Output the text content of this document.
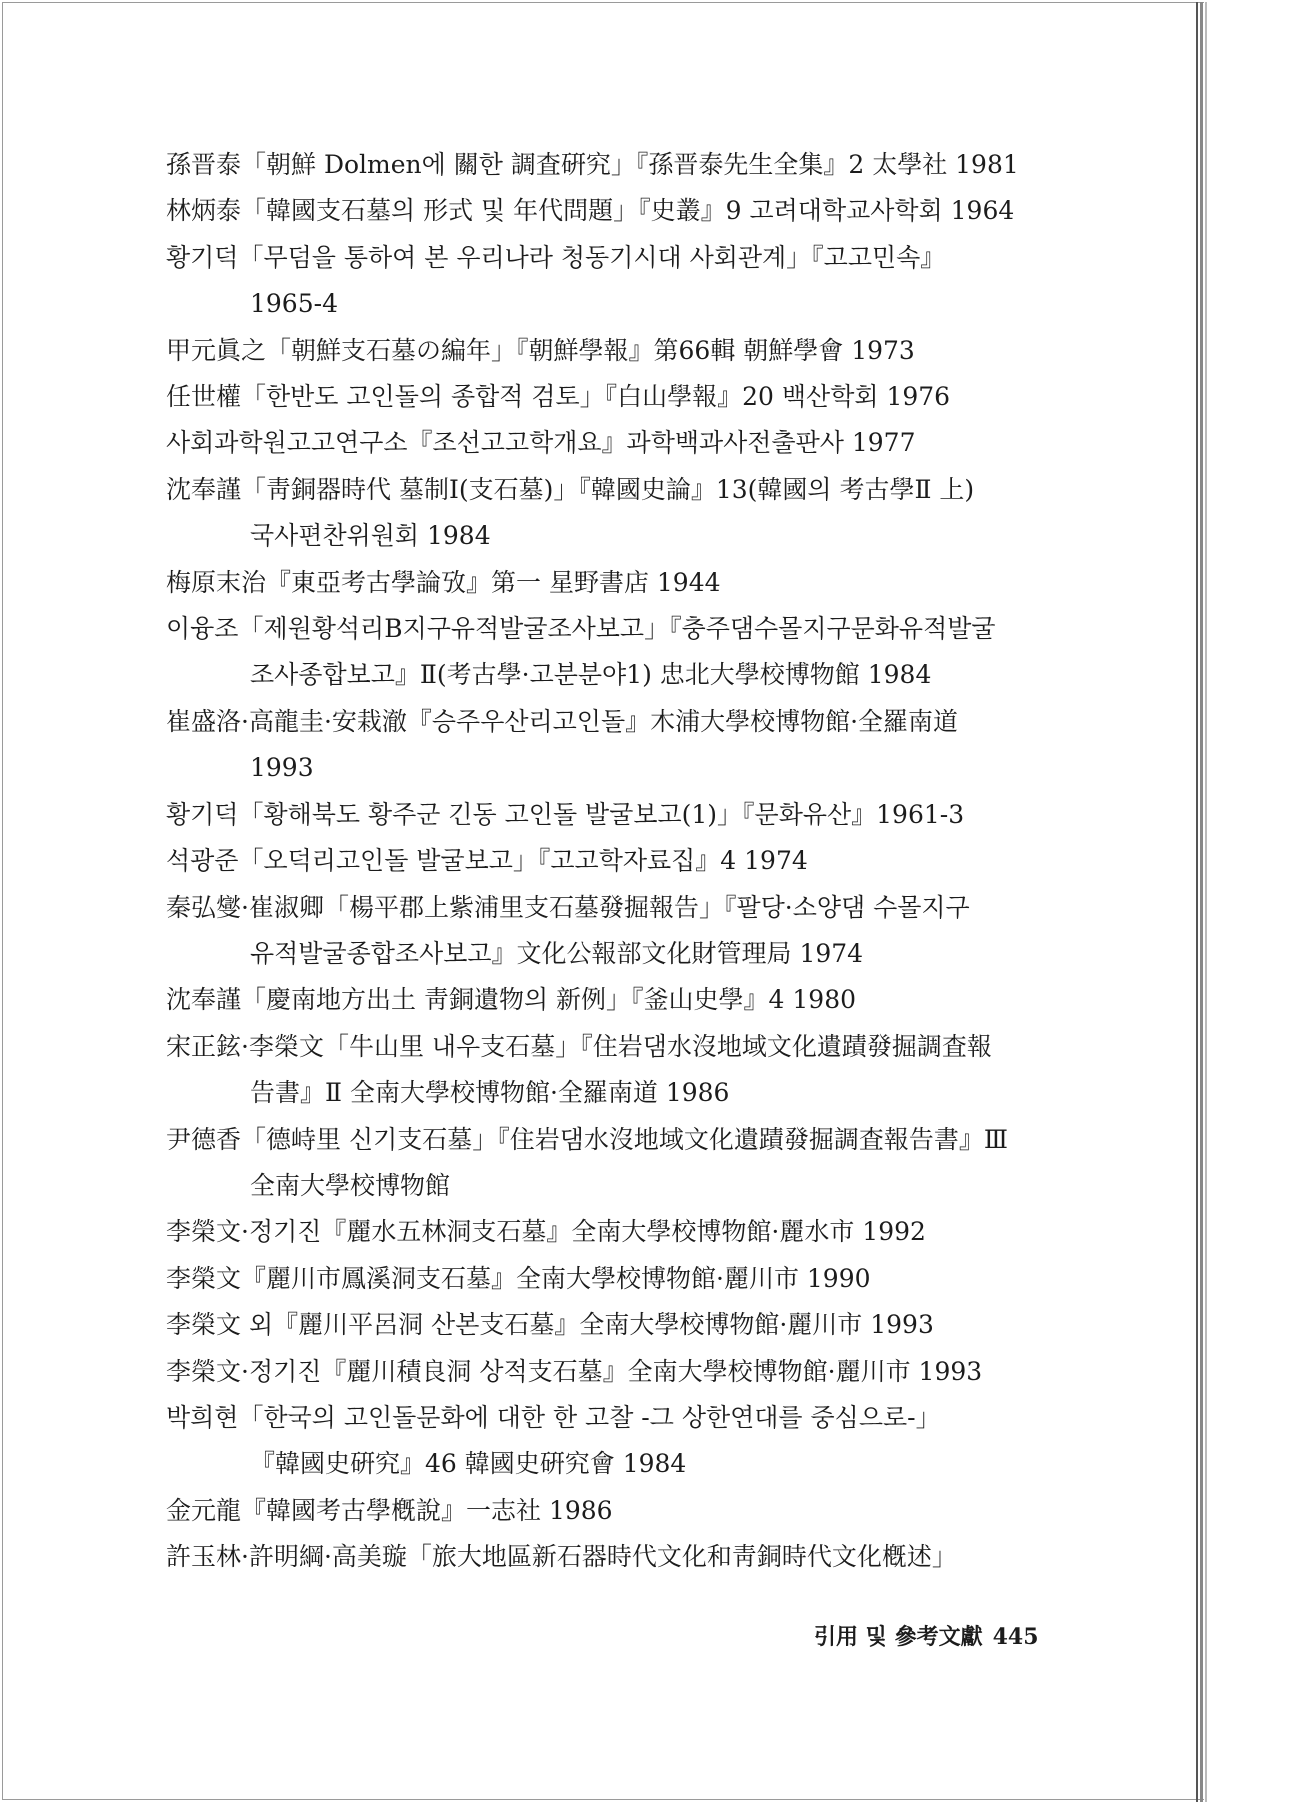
孫晋泰「朝鮮 Dolmen에 關한 調査硏究」『孫晋泰先生全集』2 太學社 1981
林炳泰「韓國支石墓의 形式 및 年代問題」『史叢』9 고려대학교사학회 1964
황기덕「무덤을 통하여 본 우리나라 청동기시대 사회관계」『고고민속』
1965-4
甲元眞之「朝鮮支石墓の編年」『朝鮮學報』第66輯 朝鮮學會 1973
任世權「한반도 고인돌의 종합적 검토」『白山學報』20 백산학회 1976
사회과학원고고연구소『조선고고학개요』과학백과사전출판사 1977
沈奉謹「靑銅器時代 墓制Ⅰ(支石墓)」『韓國史論』13(韓國의 考古學Ⅱ 上)
국사편찬위원회 1984
梅原末治『東亞考古學論攷』第一 星野書店 1944
이융조「제원황석리B지구유적발굴조사보고」『충주댐수몰지구문화유적발굴
조사종합보고』Ⅱ(考古學·고분분야1) 忠北大學校博物館 1984
崔盛洛·高龍圭·安栽澈『승주우산리고인돌』木浦大學校博物館·全羅南道
1993
황기덕「황해북도 황주군 긴동 고인돌 발굴보고(1)」『문화유산』1961-3
석광준「오덕리고인돌 발굴보고」『고고학자료집』4 1974
秦弘燮·崔淑卿「楊平郡上紫浦里支石墓發掘報告」『팔당·소양댐 수몰지구
유적발굴종합조사보고』文化公報部文化財管理局 1974
沈奉謹「慶南地方出土 靑銅遺物의 新例」『釜山史學』4 1980
宋正鉉·李榮文「牛山里 내우支石墓」『住岩댐水沒地域文化遺蹟發掘調査報
告書』Ⅱ 全南大學校博物館·全羅南道 1986
尹德香「德峙里 신기支石墓」『住岩댐水沒地域文化遺蹟發掘調査報告書』Ⅲ
全南大學校博物館
李榮文·정기진『麗水五林洞支石墓』全南大學校博物館·麗水市 1992
李榮文『麗川市鳳溪洞支石墓』全南大學校博物館·麗川市 1990
李榮文 외『麗川平呂洞 산본支石墓』全南大學校博物館·麗川市 1993
李榮文·정기진『麗川積良洞 상적支石墓』全南大學校博物館·麗川市 1993
박희현「한국의 고인돌문화에 대한 한 고찰 -그 상한연대를 중심으로-」
『韓國史硏究』46 韓國史硏究會 1984
金元龍『韓國考古學槪說』一志社 1986
許玉林·許明綱·高美璇「旅大地區新石器時代文化和靑銅時代文化槪述」
引用 및 參考文獻 445
